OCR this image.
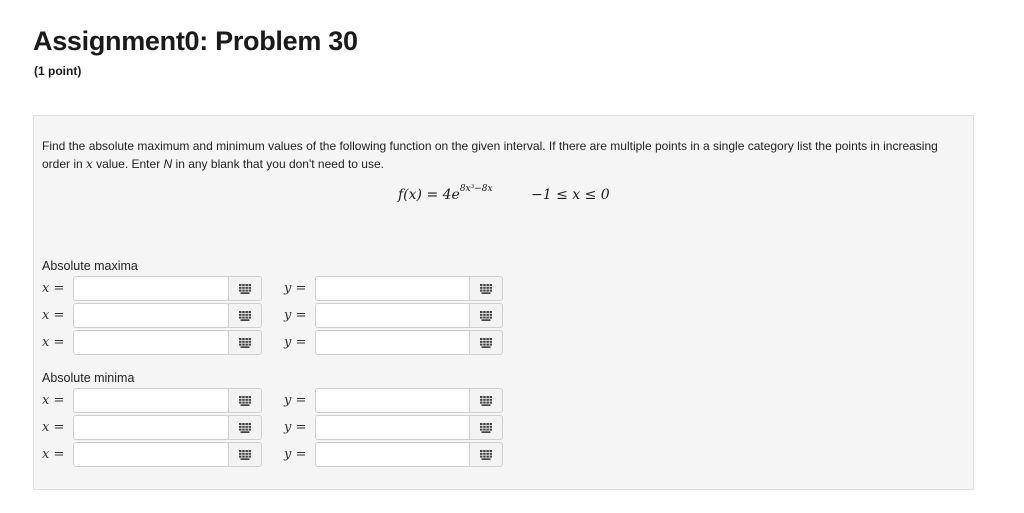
Assignment0: Problem 30
(1 point)
Find the absolute maximum and minimum values of the following function on the given interval. If there are multiple points in a single category list the points in increasing order in x value. Enter N in any blank that you don't need to use.
$f(x) = 4e^{8x^3-8x}$	−1 ≤ x ≤ 0
Absolute maxima
x =	y =
x =	y =
x =	y =
Absolute minima
x =	y =
x =	y =
x =	y =
